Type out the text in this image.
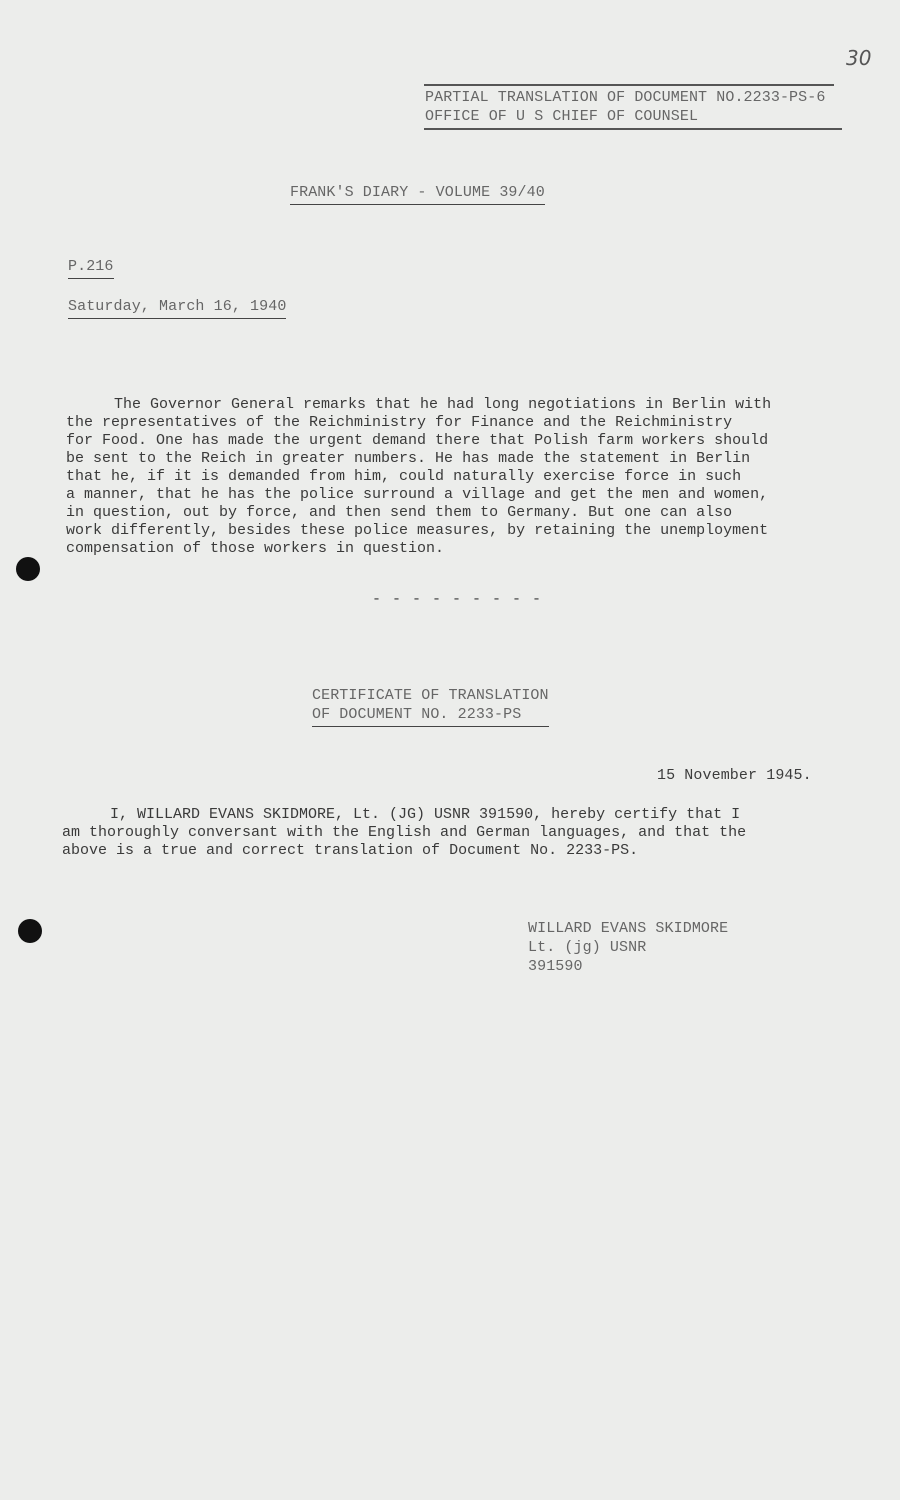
30
PARTIAL TRANSLATION OF DOCUMENT NO.2233-PS-6
OFFICE OF U S CHIEF OF COUNSEL
FRANK'S DIARY - VOLUME 39/40
P.216
Saturday, March 16, 1940
The Governor General remarks that he had long negotiations in Berlin with
the representatives of the Reichministry for Finance and the Reichministry
for Food. One has made the urgent demand there that Polish farm workers should
be sent to the Reich in greater numbers. He has made the statement in Berlin
that he, if it is demanded from him, could naturally exercise force in such
a manner, that he has the police surround a village and get the men and women,
in question, out by force, and then send them to Germany. But one can also
work differently, besides these police measures, by retaining the unemployment
compensation of those workers in question.
- - - - - - - - -
CERTIFICATE OF TRANSLATION
OF DOCUMENT NO. 2233-PS
15 November 1945.
I, WILLARD EVANS SKIDMORE, Lt. (JG) USNR 391590, hereby certify that I
am thoroughly conversant with the English and German languages, and that the
above is a true and correct translation of Document No. 2233-PS.
WILLARD EVANS SKIDMORE
Lt. (jg) USNR
391590
